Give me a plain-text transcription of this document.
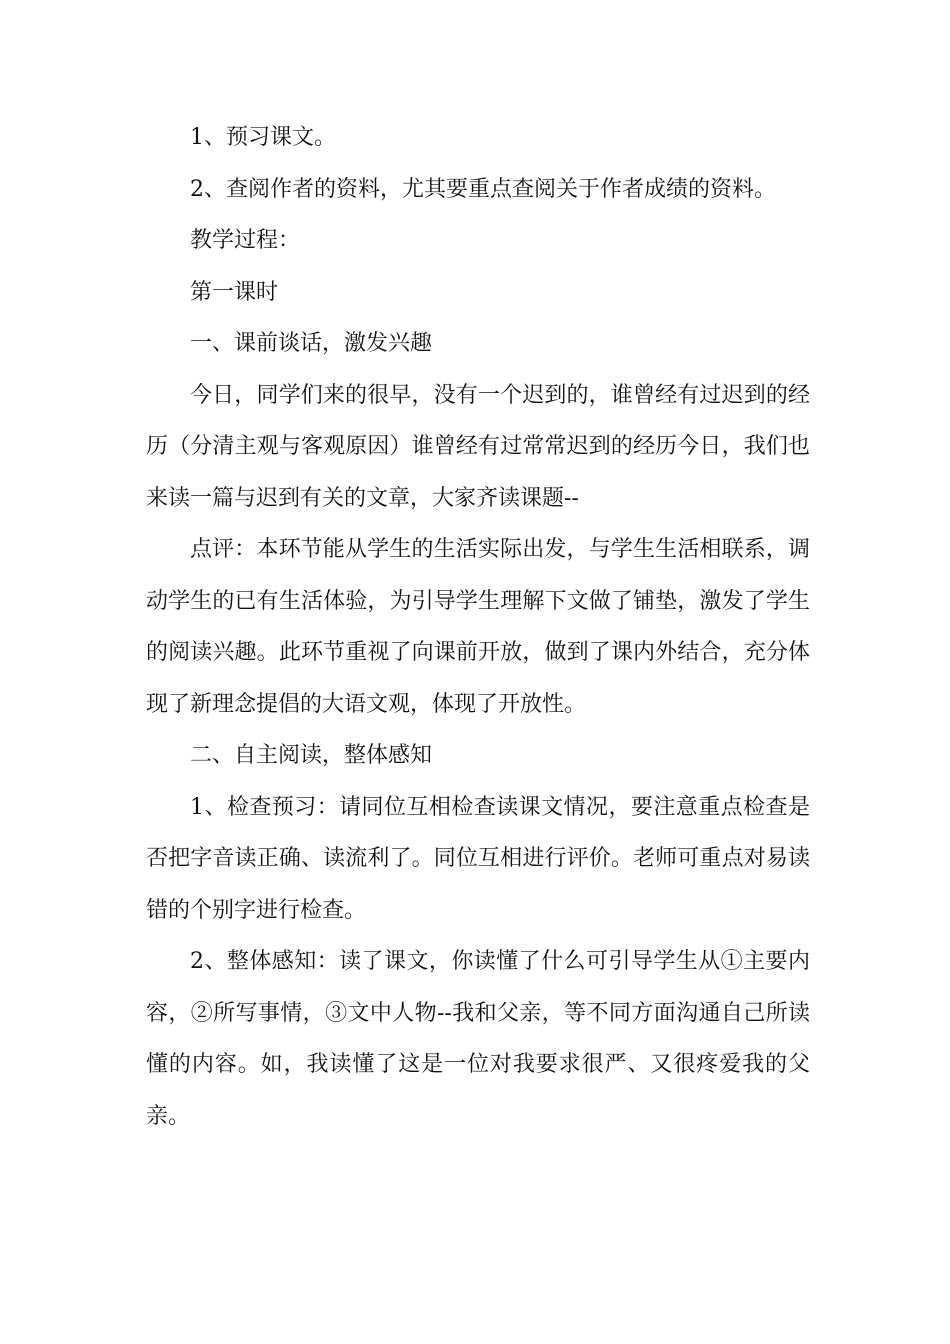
1、预习课文。

2、查阅作者的资料，尤其要重点查阅关于作者成绩的资料。

教学过程：

第一课时

一、课前谈话，激发兴趣

今日，同学们来的很早，没有一个迟到的，谁曾经有过迟到的经历（分清主观与客观原因）谁曾经有过常常迟到的经历今日，我们也来读一篇与迟到有关的文章，大家齐读课题--

点评：本环节能从学生的生活实际出发，与学生生活相联系，调动学生的已有生活体验，为引导学生理解下文做了铺垫，激发了学生的阅读兴趣。此环节重视了向课前开放，做到了课内外结合，充分体现了新理念提倡的大语文观，体现了开放性。

二、自主阅读，整体感知

1、检查预习：请同位互相检查读课文情况，要注意重点检查是否把字音读正确、读流利了。同位互相进行评价。老师可重点对易读错的个别字进行检查。

2、整体感知：读了课文，你读懂了什么可引导学生从①主要内容，②所写事情，③文中人物--我和父亲，等不同方面沟通自己所读懂的内容。如，我读懂了这是一位对我要求很严、又很疼爱我的父亲。
